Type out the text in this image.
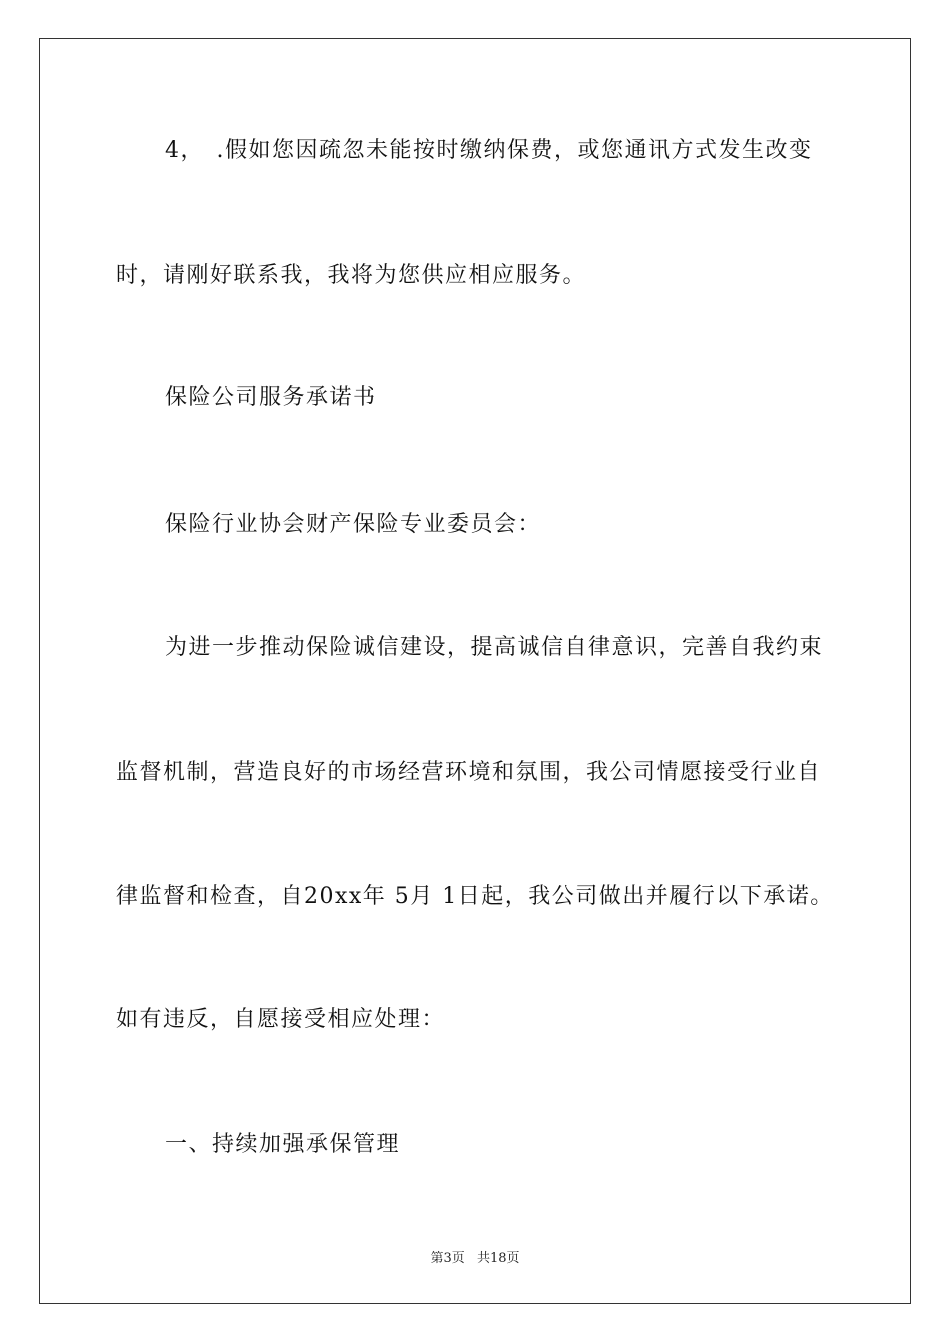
4，　.假如您因疏忽未能按时缴纳保费，或您通讯方式发生改变
时，请刚好联系我，我将为您供应相应服务。
保险公司服务承诺书
保险行业协会财产保险专业委员会：
为进一步推动保险诚信建设，提高诚信自律意识，完善自我约束
监督机制，营造良好的市场经营环境和氛围，我公司情愿接受行业自
律监督和检查，自20xx年 5月 1日起，我公司做出并履行以下承诺。
如有违反，自愿接受相应处理：
一、持续加强承保管理
第3页 共18页
